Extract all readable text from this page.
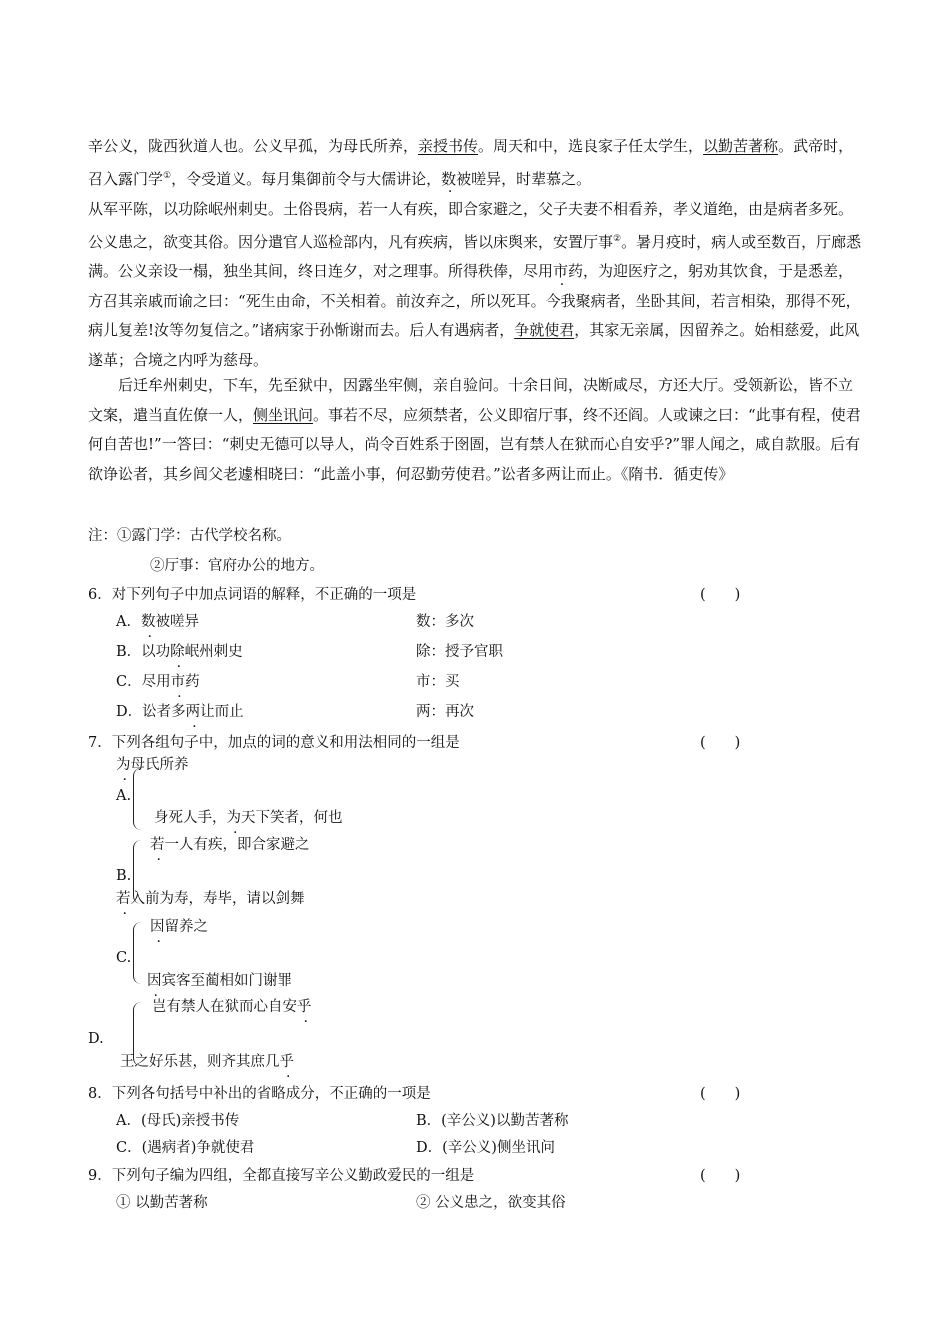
辛公义，陇西狄道人也。公义早孤，为母氏所养，亲授书传。周天和中，选良家子任太学生，以勤苦著称。武帝时，召入露门学①，令受道义。每月集御前令与大儒讲论，数被嗟异，时辈慕之。

从军平陈，以功除岷州刺史。土俗畏病，若一人有疾，即合家避之，父子夫妻不相看养，孝义道绝，由是病者多死。公义患之，欲变其俗。因分遣官人巡检部内，凡有疾病，皆以床舆来，安置厅事②。暑月疫时，病人或至数百，厅廊悉满。公义亲设一榻，独坐其间，终日连夕，对之理事。所得秩俸，尽用市药，为迎医疗之，躬劝其饮食，于是悉差，方召其亲戚而谕之曰：“死生由命，不关相着。前汝弃之，所以死耳。今我聚病者，坐卧其间，若言相染，那得不死，病儿复差!汝等勿复信之。”诸病家于孙惭谢而去。后人有遇病者，争就使君，其家无亲属，因留养之。始相慈爱，此风遂革；合境之内呼为慈母。

后迁牟州刺史，下车，先至狱中，因露坐牢侧，亲自验问。十余日间，决断咸尽，方还大厅。受领新讼，皆不立文案，遣当直佐僚一人，侧坐讯问。事若不尽，应须禁者，公义即宿厅事，终不还阎。人或谏之曰：“此事有程，使君何自苦也!”一答曰：“刺史无德可以导人，尚令百姓系于囹圄，岂有禁人在狱而心自安乎?”罪人闻之，咸自款服。后有欲诤讼者，其乡闾父老遽相晓曰：“此盖小事，何忍勤劳使君。”讼者多两让而止。《隋书．循吏传》

注：①露门学：古代学校名称。
②厅事：官府办公的地方。
6．对下列句子中加点词语的解释，不正确的一项是	(　　)
A．数被嗟异	数：多次
B．以功除岷州刺史	除：授予官职
C．尽用市药	市：买
D．讼者多两让而止	两：再次
7．下列各组句子中，加点的词的意义和用法相同的一组是	(　　)
为母氏所养
A.
身死人手，为天下笑者，何也
若一人有疾，即合家避之
B.
若入前为寿，寿毕，请以剑舞
因留养之
C.
因宾客至蔺相如门谢罪
岂有禁人在狱而心自安乎
D.
王之好乐甚，则齐其庶几乎
8．下列各句括号中补出的省略成分，不正确的一项是	(　　)
A．(母氏)亲授书传	B．(辛公义)以勤苦著称
C．(遇病者)争就使君	D．(辛公义)侧坐讯问
9．下列句子编为四组，全都直接写辛公义勤政爱民的一组是	(　　)
① 以勤苦著称	② 公义患之，欲变其俗
